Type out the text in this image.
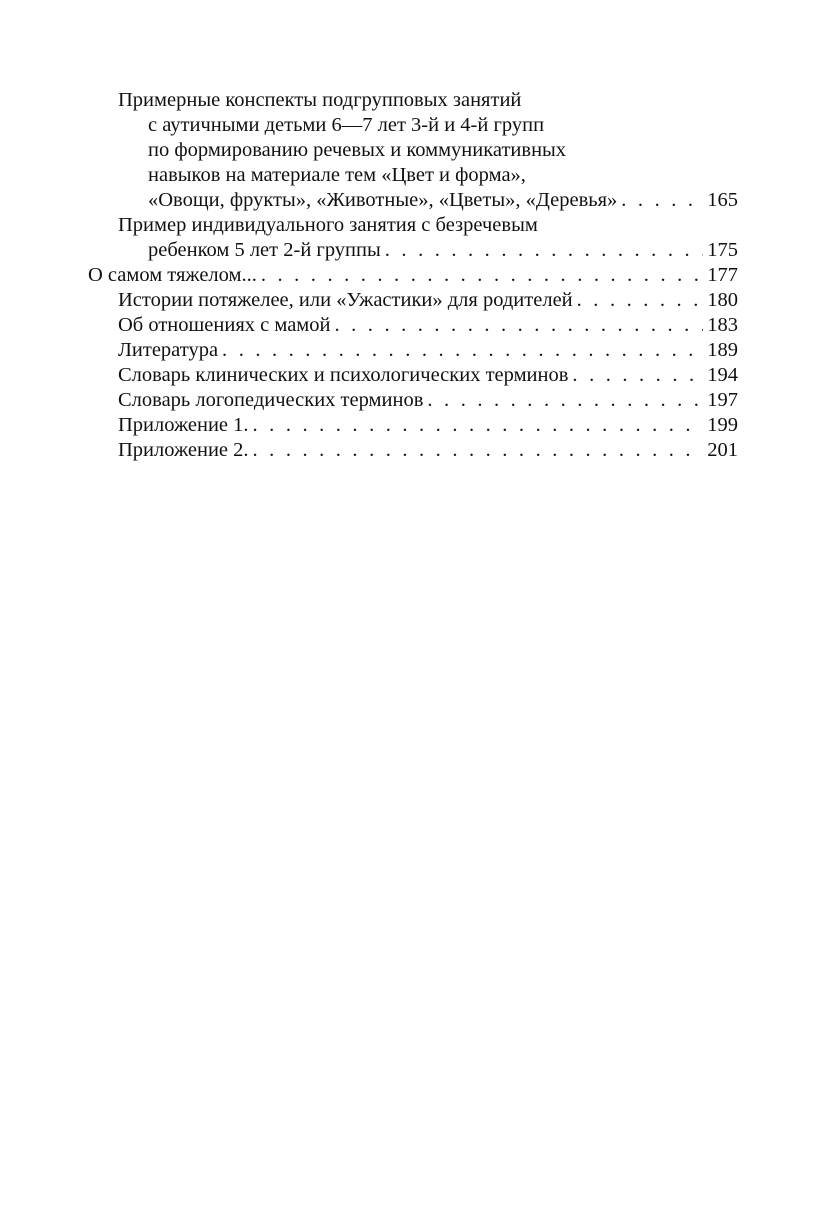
Примерные конспекты подгрупповых занятий
с аутичными детьми 6—7 лет 3-й и 4-й групп
по формированию речевых и коммуникативных
навыков на материале тем «Цвет и форма»,
«Овощи, фрукты», «Животные», «Цветы», «Деревья» . . .	165
Пример индивидуального занятия с безречевым
ребенком 5 лет 2-й группы . . .	175
О самом тяжелом... . . .	177
Истории потяжелее, или «Ужастики» для родителей . . .	180
Об отношениях с мамой . . .	183
Литература . . .	189
Словарь клинических и психологических терминов . . .	194
Словарь логопедических терминов . . .	197
Приложение 1. . . .	199
Приложение 2. . . .	201
